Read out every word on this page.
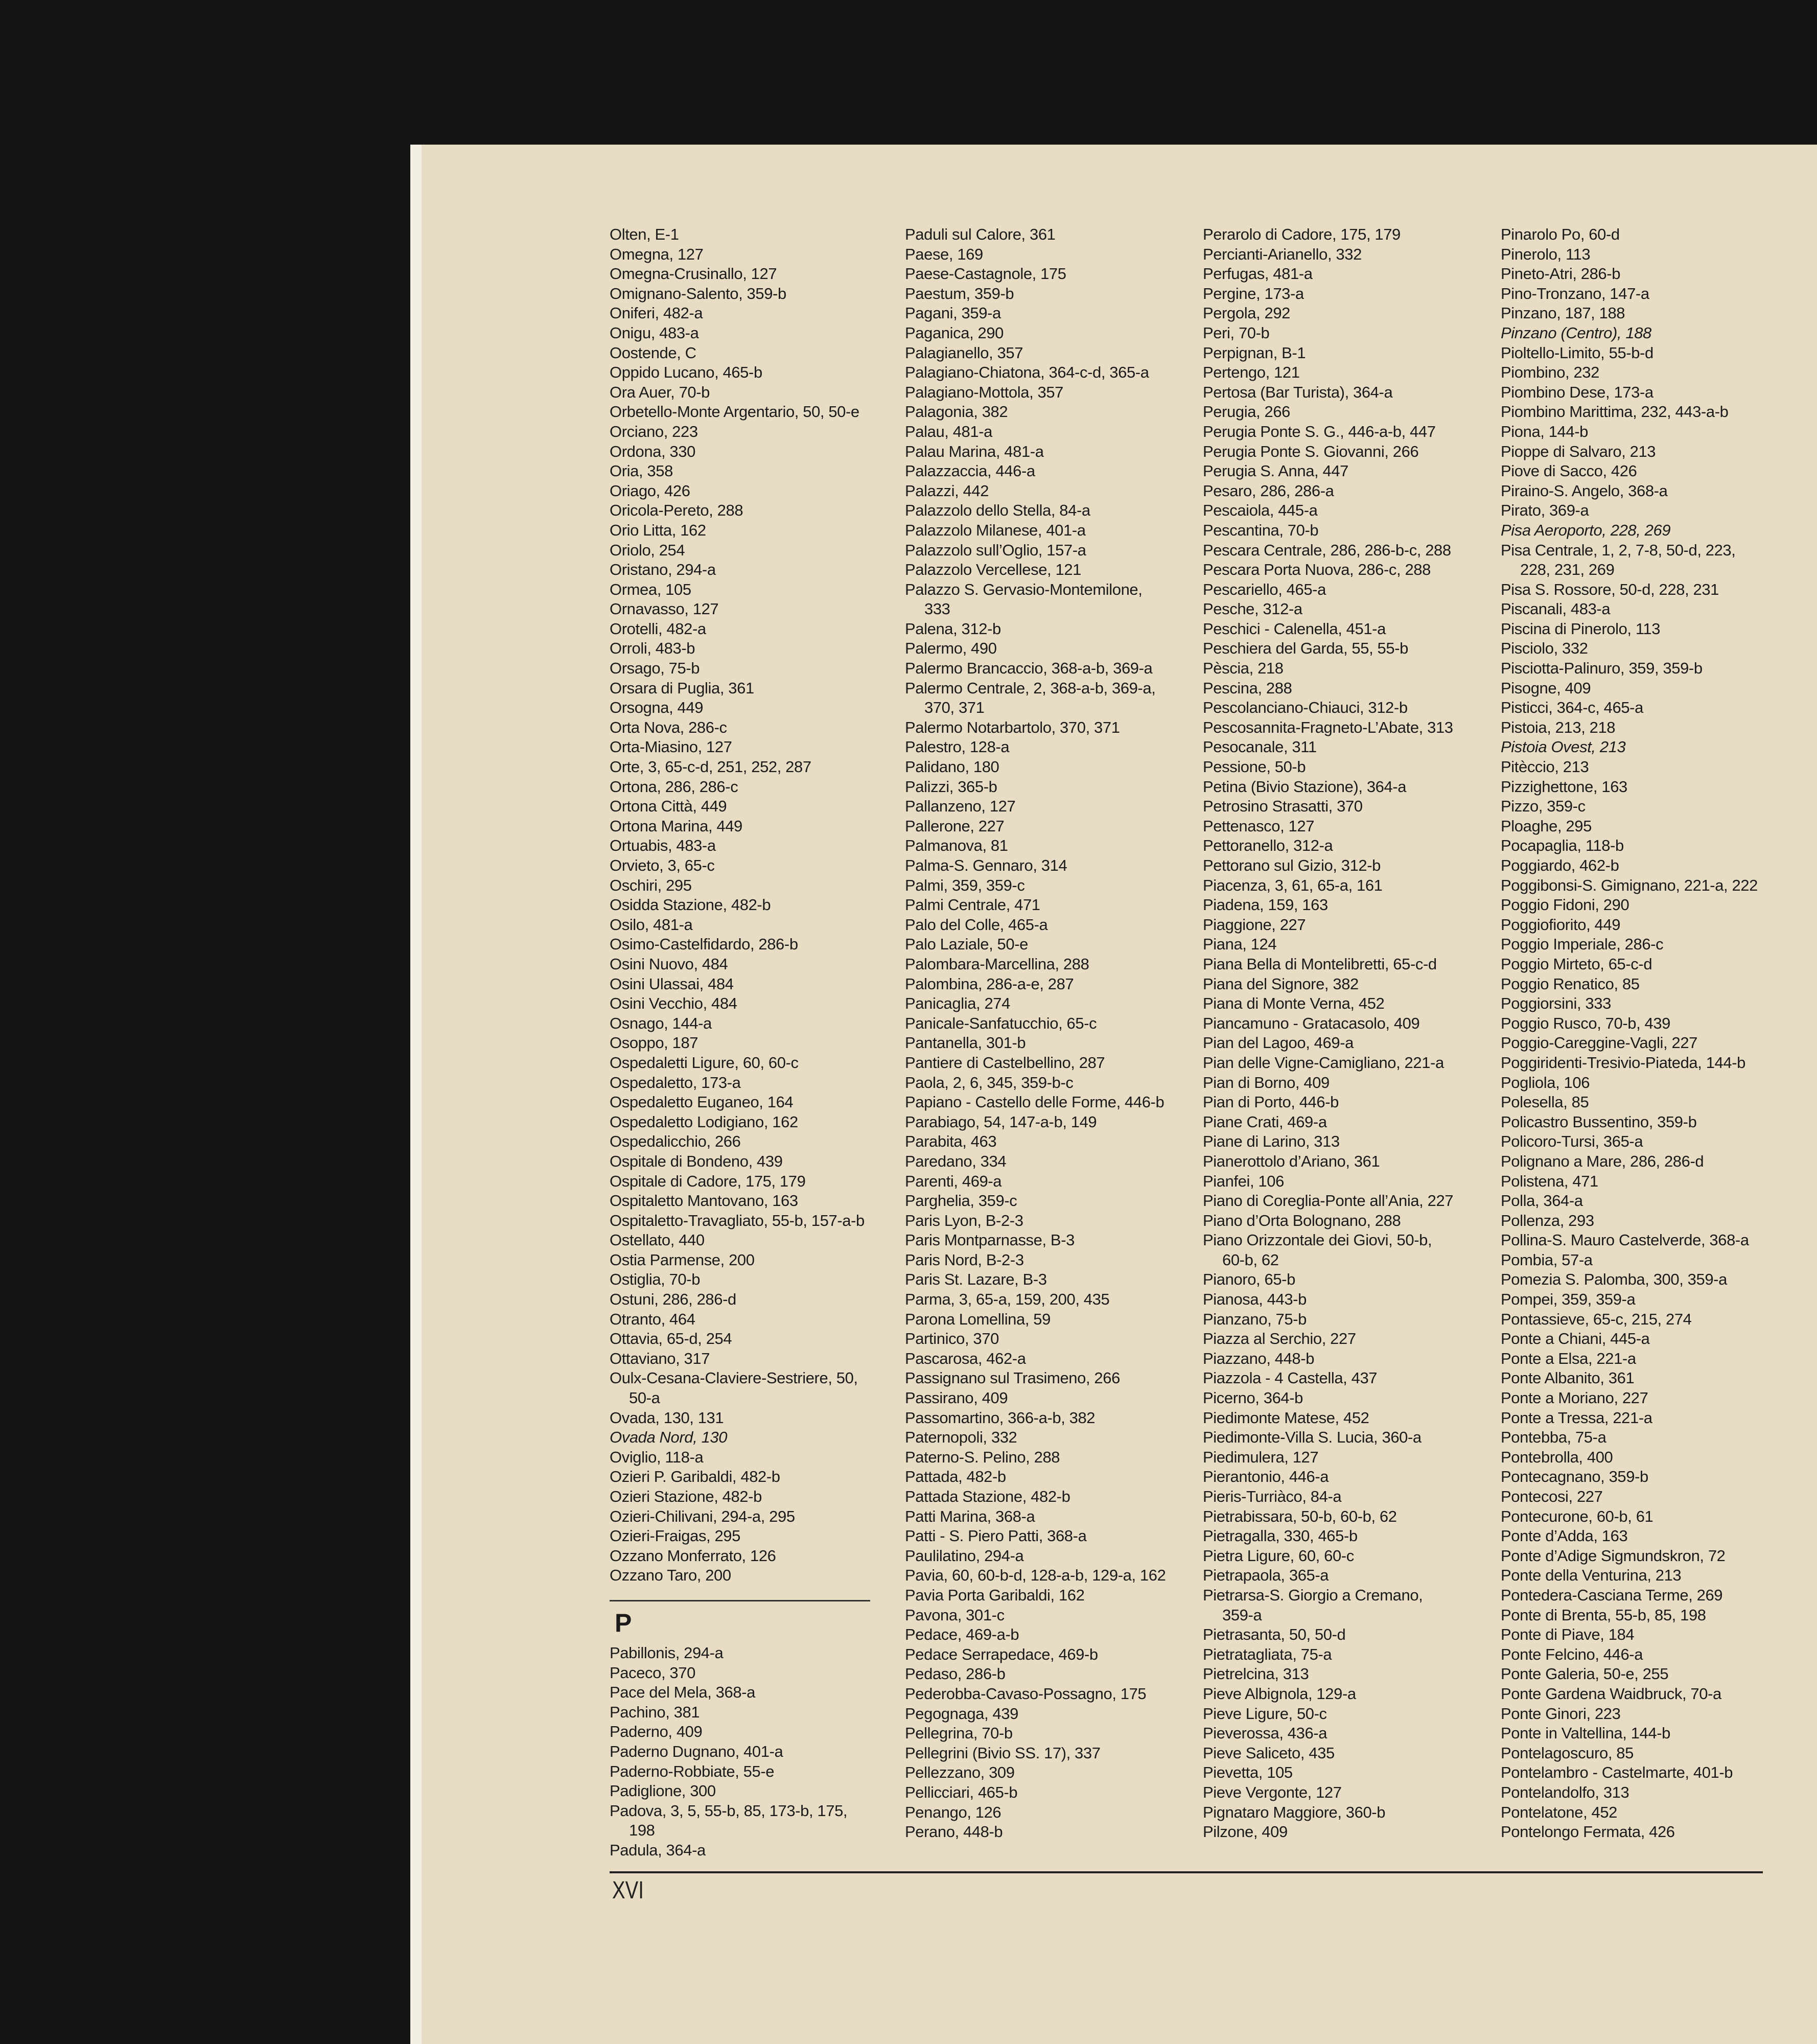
Olten, E-1
Omegna, 127
Omegna-Crusinallo, 127
Omignano-Salento, 359-b
Oniferi, 482-a
Onigu, 483-a
Oostende, C
Oppido Lucano, 465-b
Ora Auer, 70-b
Orbetello-Monte Argentario, 50, 50-e
Orciano, 223
Ordona, 330
Oria, 358
Oriago, 426
Oricola-Pereto, 288
Orio Litta, 162
Oriolo, 254
Oristano, 294-a
Ormea, 105
Ornavasso, 127
Orotelli, 482-a
Orroli, 483-b
Orsago, 75-b
Orsara di Puglia, 361
Orsogna, 449
Orta Nova, 286-c
Orta-Miasino, 127
Orte, 3, 65-c-d, 251, 252, 287
Ortona, 286, 286-c
Ortona Città, 449
Ortona Marina, 449
Ortuabis, 483-a
Orvieto, 3, 65-c
Oschiri, 295
Osidda Stazione, 482-b
Osilo, 481-a
Osimo-Castelfidardo, 286-b
Osini Nuovo, 484
Osini Ulassai, 484
Osini Vecchio, 484
Osnago, 144-a
Osoppo, 187
Ospedaletti Ligure, 60, 60-c
Ospedaletto, 173-a
Ospedaletto Euganeo, 164
Ospedaletto Lodigiano, 162
Ospedalicchio, 266
Ospitale di Bondeno, 439
Ospitale di Cadore, 175, 179
Ospitaletto Mantovano, 163
Ospitaletto-Travagliato, 55-b, 157-a-b
Ostellato, 440
Ostia Parmense, 200
Ostiglia, 70-b
Ostuni, 286, 286-d
Otranto, 464
Ottavia, 65-d, 254
Ottaviano, 317
Oulx-Cesana-Claviere-Sestriere, 50,
50-a
Ovada, 130, 131
Ovada Nord, 130
Oviglio, 118-a
Ozieri P. Garibaldi, 482-b
Ozieri Stazione, 482-b
Ozieri-Chilivani, 294-a, 295
Ozieri-Fraigas, 295
Ozzano Monferrato, 126
Ozzano Taro, 200
P
Pabillonis, 294-a
Paceco, 370
Pace del Mela, 368-a
Pachino, 381
Paderno, 409
Paderno Dugnano, 401-a
Paderno-Robbiate, 55-e
Padiglione, 300
Padova, 3, 5, 55-b, 85, 173-b, 175,
198
Padula, 364-a
Paduli sul Calore, 361
Paese, 169
Paese-Castagnole, 175
Paestum, 359-b
Pagani, 359-a
Paganica, 290
Palagianello, 357
Palagiano-Chiatona, 364-c-d, 365-a
Palagiano-Mottola, 357
Palagonia, 382
Palau, 481-a
Palau Marina, 481-a
Palazzaccia, 446-a
Palazzi, 442
Palazzolo dello Stella, 84-a
Palazzolo Milanese, 401-a
Palazzolo sull’Oglio, 157-a
Palazzolo Vercellese, 121
Palazzo S. Gervasio-Montemilone,
333
Palena, 312-b
Palermo, 490
Palermo Brancaccio, 368-a-b, 369-a
Palermo Centrale, 2, 368-a-b, 369-a,
370, 371
Palermo Notarbartolo, 370, 371
Palestro, 128-a
Palidano, 180
Palizzi, 365-b
Pallanzeno, 127
Pallerone, 227
Palmanova, 81
Palma-S. Gennaro, 314
Palmi, 359, 359-c
Palmi Centrale, 471
Palo del Colle, 465-a
Palo Laziale, 50-e
Palombara-Marcellina, 288
Palombina, 286-a-e, 287
Panicaglia, 274
Panicale-Sanfatucchio, 65-c
Pantanella, 301-b
Pantiere di Castelbellino, 287
Paola, 2, 6, 345, 359-b-c
Papiano - Castello delle Forme, 446-b
Parabiago, 54, 147-a-b, 149
Parabita, 463
Paredano, 334
Parenti, 469-a
Parghelia, 359-c
Paris Lyon, B-2-3
Paris Montparnasse, B-3
Paris Nord, B-2-3
Paris St. Lazare, B-3
Parma, 3, 65-a, 159, 200, 435
Parona Lomellina, 59
Partinico, 370
Pascarosa, 462-a
Passignano sul Trasimeno, 266
Passirano, 409
Passomartino, 366-a-b, 382
Paternopoli, 332
Paterno-S. Pelino, 288
Pattada, 482-b
Pattada Stazione, 482-b
Patti Marina, 368-a
Patti - S. Piero Patti, 368-a
Paulilatino, 294-a
Pavia, 60, 60-b-d, 128-a-b, 129-a, 162
Pavia Porta Garibaldi, 162
Pavona, 301-c
Pedace, 469-a-b
Pedace Serrapedace, 469-b
Pedaso, 286-b
Pederobba-Cavaso-Possagno, 175
Pegognaga, 439
Pellegrina, 70-b
Pellegrini (Bivio SS. 17), 337
Pellezzano, 309
Pellicciari, 465-b
Penango, 126
Perano, 448-b
Perarolo di Cadore, 175, 179
Percianti-Arianello, 332
Perfugas, 481-a
Pergine, 173-a
Pergola, 292
Peri, 70-b
Perpignan, B-1
Pertengo, 121
Pertosa (Bar Turista), 364-a
Perugia, 266
Perugia Ponte S. G., 446-a-b, 447
Perugia Ponte S. Giovanni, 266
Perugia S. Anna, 447
Pesaro, 286, 286-a
Pescaiola, 445-a
Pescantina, 70-b
Pescara Centrale, 286, 286-b-c, 288
Pescara Porta Nuova, 286-c, 288
Pescariello, 465-a
Pesche, 312-a
Peschici - Calenella, 451-a
Peschiera del Garda, 55, 55-b
Pèscia, 218
Pescina, 288
Pescolanciano-Chiauci, 312-b
Pescosannita-Fragneto-L’Abate, 313
Pesocanale, 311
Pessione, 50-b
Petina (Bivio Stazione), 364-a
Petrosino Strasatti, 370
Pettenasco, 127
Pettoranello, 312-a
Pettorano sul Gizio, 312-b
Piacenza, 3, 61, 65-a, 161
Piadena, 159, 163
Piaggione, 227
Piana, 124
Piana Bella di Montelibretti, 65-c-d
Piana del Signore, 382
Piana di Monte Verna, 452
Piancamuno - Gratacasolo, 409
Pian del Lagoo, 469-a
Pian delle Vigne-Camigliano, 221-a
Pian di Borno, 409
Pian di Porto, 446-b
Piane Crati, 469-a
Piane di Larino, 313
Pianerottolo d’Ariano, 361
Pianfei, 106
Piano di Coreglia-Ponte all’Ania, 227
Piano d’Orta Bolognano, 288
Piano Orizzontale dei Giovi, 50-b,
60-b, 62
Pianoro, 65-b
Pianosa, 443-b
Pianzano, 75-b
Piazza al Serchio, 227
Piazzano, 448-b
Piazzola - 4 Castella, 437
Picerno, 364-b
Piedimonte Matese, 452
Piedimonte-Villa S. Lucia, 360-a
Piedimulera, 127
Pierantonio, 446-a
Pieris-Turriàco, 84-a
Pietrabissara, 50-b, 60-b, 62
Pietragalla, 330, 465-b
Pietra Ligure, 60, 60-c
Pietrapaola, 365-a
Pietrarsa-S. Giorgio a Cremano,
359-a
Pietrasanta, 50, 50-d
Pietratagliata, 75-a
Pietrelcina, 313
Pieve Albignola, 129-a
Pieve Ligure, 50-c
Pieverossa, 436-a
Pieve Saliceto, 435
Pievetta, 105
Pieve Vergonte, 127
Pignataro Maggiore, 360-b
Pilzone, 409
Pinarolo Po, 60-d
Pinerolo, 113
Pineto-Atri, 286-b
Pino-Tronzano, 147-a
Pinzano, 187, 188
Pinzano (Centro), 188
Pioltello-Limito, 55-b-d
Piombino, 232
Piombino Dese, 173-a
Piombino Marittima, 232, 443-a-b
Piona, 144-b
Pioppe di Salvaro, 213
Piove di Sacco, 426
Piraino-S. Angelo, 368-a
Pirato, 369-a
Pisa Aeroporto, 228, 269
Pisa Centrale, 1, 2, 7-8, 50-d, 223,
228, 231, 269
Pisa S. Rossore, 50-d, 228, 231
Piscanali, 483-a
Piscina di Pinerolo, 113
Pisciolo, 332
Pisciotta-Palinuro, 359, 359-b
Pisogne, 409
Pisticci, 364-c, 465-a
Pistoia, 213, 218
Pistoia Ovest, 213
Pitèccio, 213
Pizzighettone, 163
Pizzo, 359-c
Ploaghe, 295
Pocapaglia, 118-b
Poggiardo, 462-b
Poggibonsi-S. Gimignano, 221-a, 222
Poggio Fidoni, 290
Poggiofiorito, 449
Poggio Imperiale, 286-c
Poggio Mirteto, 65-c-d
Poggio Renatico, 85
Poggiorsini, 333
Poggio Rusco, 70-b, 439
Poggio-Careggine-Vagli, 227
Poggiridenti-Tresivio-Piateda, 144-b
Pogliola, 106
Polesella, 85
Policastro Bussentino, 359-b
Policoro-Tursi, 365-a
Polignano a Mare, 286, 286-d
Polistena, 471
Polla, 364-a
Pollenza, 293
Pollina-S. Mauro Castelverde, 368-a
Pombia, 57-a
Pomezia S. Palomba, 300, 359-a
Pompei, 359, 359-a
Pontassieve, 65-c, 215, 274
Ponte a Chiani, 445-a
Ponte a Elsa, 221-a
Ponte Albanito, 361
Ponte a Moriano, 227
Ponte a Tressa, 221-a
Pontebba, 75-a
Pontebrolla, 400
Pontecagnano, 359-b
Pontecosi, 227
Pontecurone, 60-b, 61
Ponte d’Adda, 163
Ponte d’Adige Sigmundskron, 72
Ponte della Venturina, 213
Pontedera-Casciana Terme, 269
Ponte di Brenta, 55-b, 85, 198
Ponte di Piave, 184
Ponte Felcino, 446-a
Ponte Galeria, 50-e, 255
Ponte Gardena Waidbruck, 70-a
Ponte Ginori, 223
Ponte in Valtellina, 144-b
Pontelagoscuro, 85
Pontelambro - Castelmarte, 401-b
Pontelandolfo, 313
Pontelatone, 452
Pontelongo Fermata, 426
XVI
